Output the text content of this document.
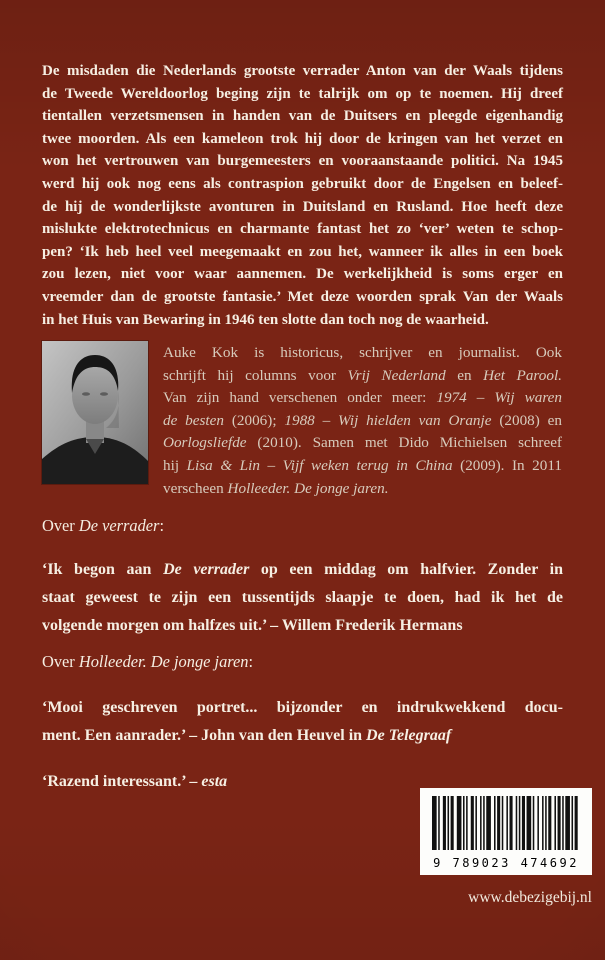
De misdaden die Nederlands grootste verrader Anton van der Waals tijdens
de Tweede Wereldoorlog beging zijn te talrijk om op te noemen. Hij dreef
tientallen verzetsmensen in handen van de Duitsers en pleegde eigenhandig
twee moorden. Als een kameleon trok hij door de kringen van het verzet en
won het vertrouwen van burgemeesters en vooraanstaande politici. Na 1945
werd hij ook nog eens als contraspion gebruikt door de Engelsen en beleef-
de hij de wonderlijkste avonturen in Duitsland en Rusland. Hoe heeft deze
mislukte elektrotechnicus en charmante fantast het zo ‘ver’ weten te schop-
pen? ‘Ik heb heel veel meegemaakt en zou het, wanneer ik alles in een boek
zou lezen, niet voor waar aannemen. De werkelijkheid is soms erger en
vreemder dan de grootste fantasie.’ Met deze woorden sprak Van der Waals
in het Huis van Bewaring in 1946 ten slotte dan toch nog de waarheid.
Auke Kok is historicus, schrijver en journalist. Ook
schrijft hij columns voor Vrij Nederland en Het Parool.
Van zijn hand verschenen onder meer: 1974 – Wij waren
de besten (2006); 1988 – Wij hielden van Oranje (2008) en
Oorlogsliefde (2010). Samen met Dido Michielsen schreef
hij Lisa & Lin – Vijf weken terug in China (2009). In 2011
verscheen Holleeder. De jonge jaren.
Over De verrader:
‘Ik begon aan De verrader op een middag om halfvier. Zonder in
staat geweest te zijn een tussentijds slaapje te doen, had ik het de
volgende morgen om halfzes uit.’ – Willem Frederik Hermans
Over Holleeder. De jonge jaren:
‘Mooi geschreven portret... bijzonder en indrukwekkend docu-
ment. Een aanrader.’ – John van den Heuvel in De Telegraaf
‘Razend interessant.’ – esta
9 789023 474692
www.debezigebij.nl
